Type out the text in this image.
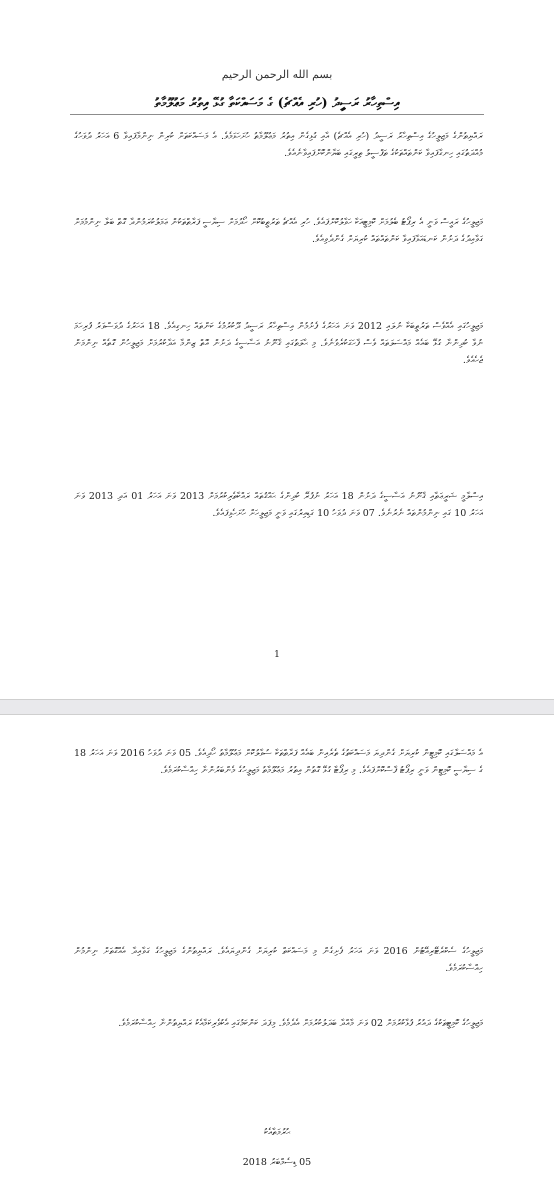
بسم الله الرحمن الرحيم
އިސްތިހާރު ރަސީދު (ހުރި އެއްޗެ) ގެ މަސައްކަތާ ގުޅޭ އިތުރު މަޢުލޫމާތު

ރައްޔިތުންގެ މަޖިލީހުގެ އިސްތިހާރު ރަސީދު (ހުރި އެއްޗެ) އާއި ގުޅިގެން އިތުރު މަޢުލޫމާތު ހުށަހަޅަމެވެ. އެ މަސައްކަތަށް ކުރިން ނިންމާފައިވާ 6 އަހަރު ދުވަހުގެ މުއްދަތުގައި ހިނގާފައިވާ ކަންތައްތަކުގެ ތަފްސީލު ތިރީގައި ބަޔާންކޮށްފައިވާނެއެވެ.

މަޖިލީހުގެ ރައީސް ވަނީ އެ ރިޕޯޓު ބެލުމަށް ކޮމިޓީއަކާ ހަވާލުކޮށްފައެވެ. ހުރި އެއްޗެ ތަރުތީބުކޮށް ހޯދުމަށް ސިޔާސީ ފަރާތްތަކުން ޢަމަލުކުރަމުންދާ ގޮތް ބަލާ ނިންމުމަށް ގަވާއިދުގެ ދަށުން ކަނޑައަޅާފައިވާ ކަންތައްތައް ކުރިޔަށް ގެންދެވިއެވެ.

މަޖިލީހުގައި އެއްވެސް ތަރުތީބަކާ ނުލައި 2012 ވަނަ އަހަރުގެ ފެށުމުން އިސްތިހާރު ރަސީދު ދޫކުރުމުގެ ކަންތައް ހިނގިއެވެ. 18 އަހަރުގެ ދުވަސްވަރު ފުރިހަމަ ނުވާ ކުދިންނާ ގުޅޭ ބައެއް މައްސަލަތައް ވެސް ފާހަގަކުރެވުނެވެ. މި ޙާލަތުގައި ޤާނޫނު އަސާސީގެ ދަށުން އޮތް ޒިންމާ އަދާކުރުމަށް މަޖިލީހުން ގޮތެއް ނިންމަން ޖެހެއެވެ.

އިސްލާމީ ޝަރީޢަތާއި ޤާނޫނު އަސާސީގެ ދަށުން 18 އަހަރު ނުފުރޭ ކުދިންގެ ޙައްޤުތައް ރައްކާތެރިކުރުމަށް 2013 ވަނަ އަހަރު 01 އަދި 2013 ވަނަ އަހަރު 10 ގައި ނިންމުންތައް ނެރުނެވެ. 07 ވަނަ ދުވަހު 10 ގަޑިއިރުގައި ވަނީ މަޖިލީހަށް ހުށަހެޅިފައެވެ.

1

އެ މައްސަލާގައި ކޮމިޓީން ކުރިޔަށް ގެންދިޔަ މަސައްކަތުގެ ތެރެއިން ބައެއް ފަރާތްތަކާ ސުވާލުކޮށް މަޢުލޫމާތު ހޯދިއެވެ. 05 ވަނަ ދުވަހު 2016 ވަނަ އަހަރު 18 ގެ ސިޔާސީ ކޮމިޓީން ވަނީ ރިޕޯޓު ފާސްކޮށްފައެވެ. މި ރިޕޯޓާ ގުޅޭ ގޮތުން އިތުރު މަޢުލޫމާތު މަޖިލީހުގެ މެންބަރުންނާ ހިއްސާކުރަމެވެ.

މަޖިލީހުގެ ސެކްރެޓޭރިއޭޓުން 2016 ވަނަ އަހަރު ފެށިގެން މި މަސައްކަތް ކުރިޔަށް ގެންދިޔައެވެ. ރައްޔިތުންގެ މަޖިލީހުގެ ގަވާއިދާ އެއްގޮތަށް ނިންމުން ހިއްސާކުރަމެވެ.

މަޖިލީހުގެ ކޮމިޓީތަކުގެ ދައުރު ފުޅާކުރުމަށް 02 ވަނަ މާއްދާ ބަދަލުކުރުމަށް އެދެމެވެ. މިފަދަ ކަންކަމުގައި އެކުވެރިކަމާއެކު ރައްޔިތުންނާ ހިއްސާކުރަމެވެ.

ޙުރުމަތާއެކު
05 ޑިސެމްބަރު 2018
